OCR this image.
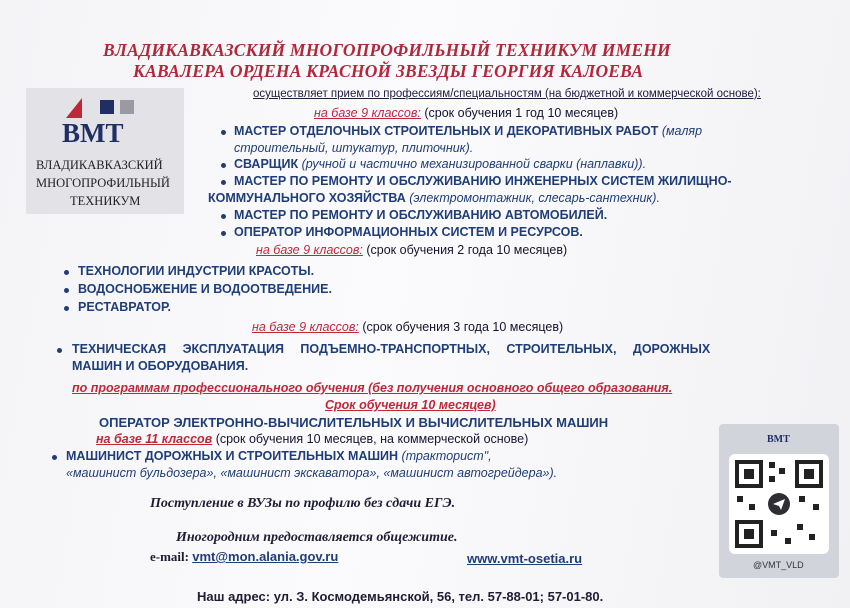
ВЛАДИКАВКАЗСКИЙ МНОГОПРОФИЛЬНЫЙ ТЕХНИКУМ ИМЕНИ
КАВАЛЕРА ОРДЕНА КРАСНОЙ ЗВЕЗДЫ ГЕОРГИЯ КАЛОЕВА
осуществляет прием по профессиям/специальностям (на бюджетной и коммерческой основе):
ВМТ
ВЛАДИКАВКАЗСКИЙ
МНОГОПРОФИЛЬНЫЙ
ТЕХНИКУМ
на базе 9 классов: (срок обучения 1 год 10 месяцев)
МАСТЕР ОТДЕЛОЧНЫХ СТРОИТЕЛЬНЫХ И ДЕКОРАТИВНЫХ РАБОТ (маляр
строительный, штукатур, плиточник).
СВАРЩИК (ручной и частично механизированной сварки (наплавки)).
МАСТЕР ПО РЕМОНТУ И ОБСЛУЖИВАНИЮ ИНЖЕНЕРНЫХ СИСТЕМ ЖИЛИЩНО-
КОММУНАЛЬНОГО ХОЗЯЙСТВА (электромонтажник, слесарь-сантехник).
МАСТЕР ПО РЕМОНТУ И ОБСЛУЖИВАНИЮ АВТОМОБИЛЕЙ.
ОПЕРАТОР ИНФОРМАЦИОННЫХ СИСТЕМ И РЕСУРСОВ.
на базе 9 классов: (срок обучения 2 года 10 месяцев)
ТЕХНОЛОГИИ ИНДУСТРИИ КРАСОТЫ.
ВОДОСНОБЖЕНИЕ И ВОДООТВЕДЕНИЕ.
РЕСТАВРАТОР.
на базе 9 классов: (срок обучения 3 года 10 месяцев)
ТЕХНИЧЕСКАЯ ЭКСПЛУАТАЦИЯ ПОДЪЕМНО-ТРАНСПОРТНЫХ, СТРОИТЕЛЬНЫХ, ДОРОЖНЫХ
МАШИН И ОБОРУДОВАНИЯ.
по программам профессионального обучения (без получения основного общего образования.
Срок обучения 10 месяцев)
ОПЕРАТОР ЭЛЕКТРОННО-ВЫЧИСЛИТЕЛЬНЫХ И ВЫЧИСЛИТЕЛЬНЫХ МАШИН
на базе 11 классов (срок обучения 10 месяцев, на коммерческой основе)
МАШИНИСТ ДОРОЖНЫХ И СТРОИТЕЛЬНЫХ МАШИН (тракторист",
«машинист бульдозера», «машинист экскаватора», «машинист автогрейдера»).
Поступление в ВУЗы по профилю без сдачи ЕГЭ.
Иногородним предоставляется общежитие.
e-mail: vmt@mon.alania.gov.ru	www.vmt-osetia.ru
Наш адрес: ул. З. Космодемьянской, 56, тел. 57-88-01; 57-01-80.
ВМТ
@VMT_VLD
